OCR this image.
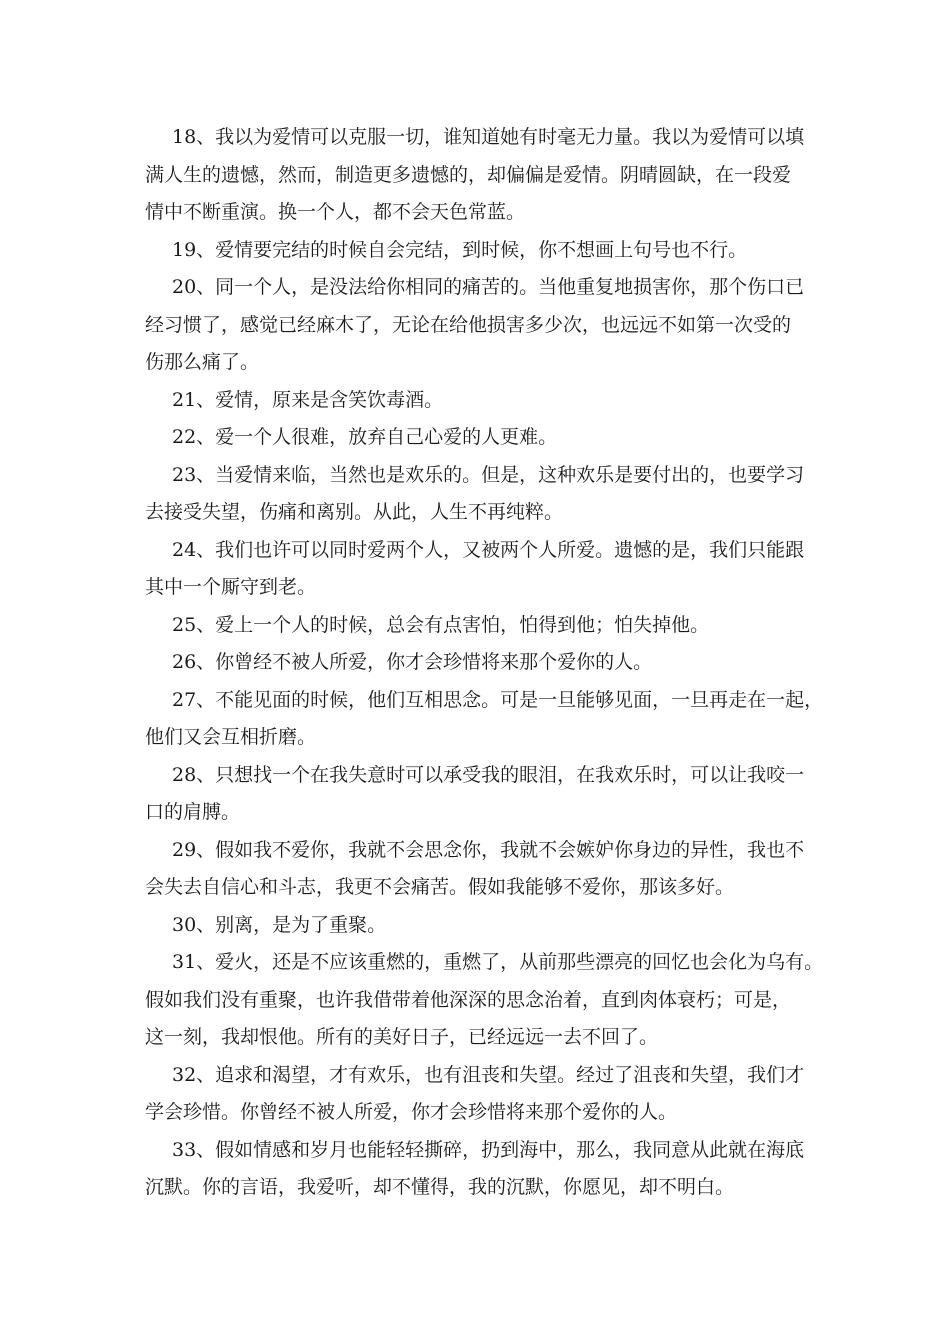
18、我以为爱情可以克服一切，谁知道她有时毫无力量。我以为爱情可以填
满人生的遗憾，然而，制造更多遗憾的，却偏偏是爱情。阴晴圆缺，在一段爱
情中不断重演。换一个人，都不会天色常蓝。
19、爱情要完结的时候自会完结，到时候，你不想画上句号也不行。
20、同一个人，是没法给你相同的痛苦的。当他重复地损害你，那个伤口已
经习惯了，感觉已经麻木了，无论在给他损害多少次，也远远不如第一次受的
伤那么痛了。
21、爱情，原来是含笑饮毒酒。
22、爱一个人很难，放弃自己心爱的人更难。
23、当爱情来临，当然也是欢乐的。但是，这种欢乐是要付出的，也要学习
去接受失望，伤痛和离别。从此，人生不再纯粹。
24、我们也许可以同时爱两个人，又被两个人所爱。遗憾的是，我们只能跟
其中一个厮守到老。
25、爱上一个人的时候，总会有点害怕，怕得到他；怕失掉他。
26、你曾经不被人所爱，你才会珍惜将来那个爱你的人。
27、不能见面的时候，他们互相思念。可是一旦能够见面，一旦再走在一起，
他们又会互相折磨。
28、只想找一个在我失意时可以承受我的眼泪，在我欢乐时，可以让我咬一
口的肩膊。
29、假如我不爱你，我就不会思念你，我就不会嫉妒你身边的异性，我也不
会失去自信心和斗志，我更不会痛苦。假如我能够不爱你，那该多好。
30、别离，是为了重聚。
31、爱火，还是不应该重燃的，重燃了，从前那些漂亮的回忆也会化为乌有。
假如我们没有重聚，也许我借带着他深深的思念治着，直到肉体衰朽；可是，
这一刻，我却恨他。所有的美好日子，已经远远一去不回了。
32、追求和渴望，才有欢乐，也有沮丧和失望。经过了沮丧和失望，我们才
学会珍惜。你曾经不被人所爱，你才会珍惜将来那个爱你的人。
33、假如情感和岁月也能轻轻撕碎，扔到海中，那么，我同意从此就在海底
沉默。你的言语，我爱听，却不懂得，我的沉默，你愿见，却不明白。
